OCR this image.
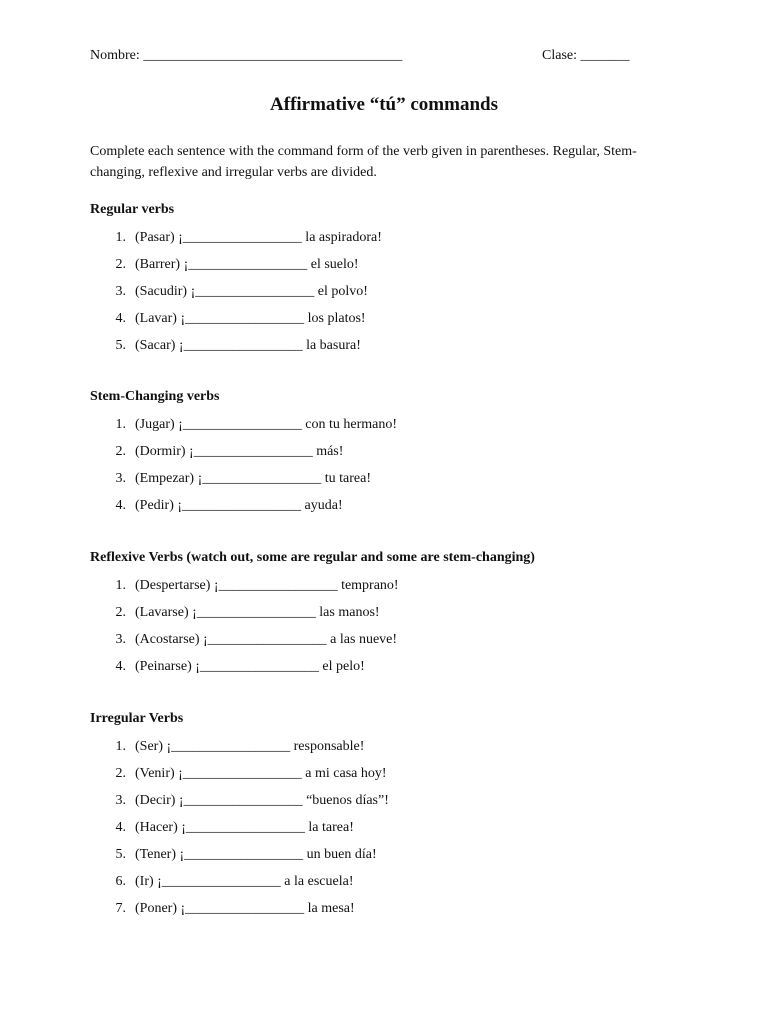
Nombre: _____________________________________	Clase: _______
Affirmative “tú” commands
Complete each sentence with the command form of the verb given in parentheses. Regular, Stem-changing, reflexive and irregular verbs are divided.
Regular verbs
1. (Pasar) ¡_________________ la aspiradora!
2. (Barrer) ¡_________________ el suelo!
3. (Sacudir) ¡_________________ el polvo!
4. (Lavar) ¡_________________ los platos!
5. (Sacar) ¡_________________ la basura!
Stem-Changing verbs
1. (Jugar) ¡_________________ con tu hermano!
2. (Dormir) ¡_________________ más!
3. (Empezar) ¡_________________ tu tarea!
4. (Pedir) ¡_________________ ayuda!
Reflexive Verbs (watch out, some are regular and some are stem-changing)
1. (Despertarse) ¡_________________ temprano!
2. (Lavarse) ¡_________________ las manos!
3. (Acostarse) ¡_________________ a las nueve!
4. (Peinarse) ¡_________________ el pelo!
Irregular Verbs
1. (Ser) ¡_________________ responsable!
2. (Venir) ¡_________________ a mi casa hoy!
3. (Decir) ¡_________________ “buenos días”!
4. (Hacer) ¡_________________ la tarea!
5. (Tener) ¡_________________ un buen día!
6. (Ir) ¡_________________ a la escuela!
7. (Poner) ¡_________________ la mesa!
